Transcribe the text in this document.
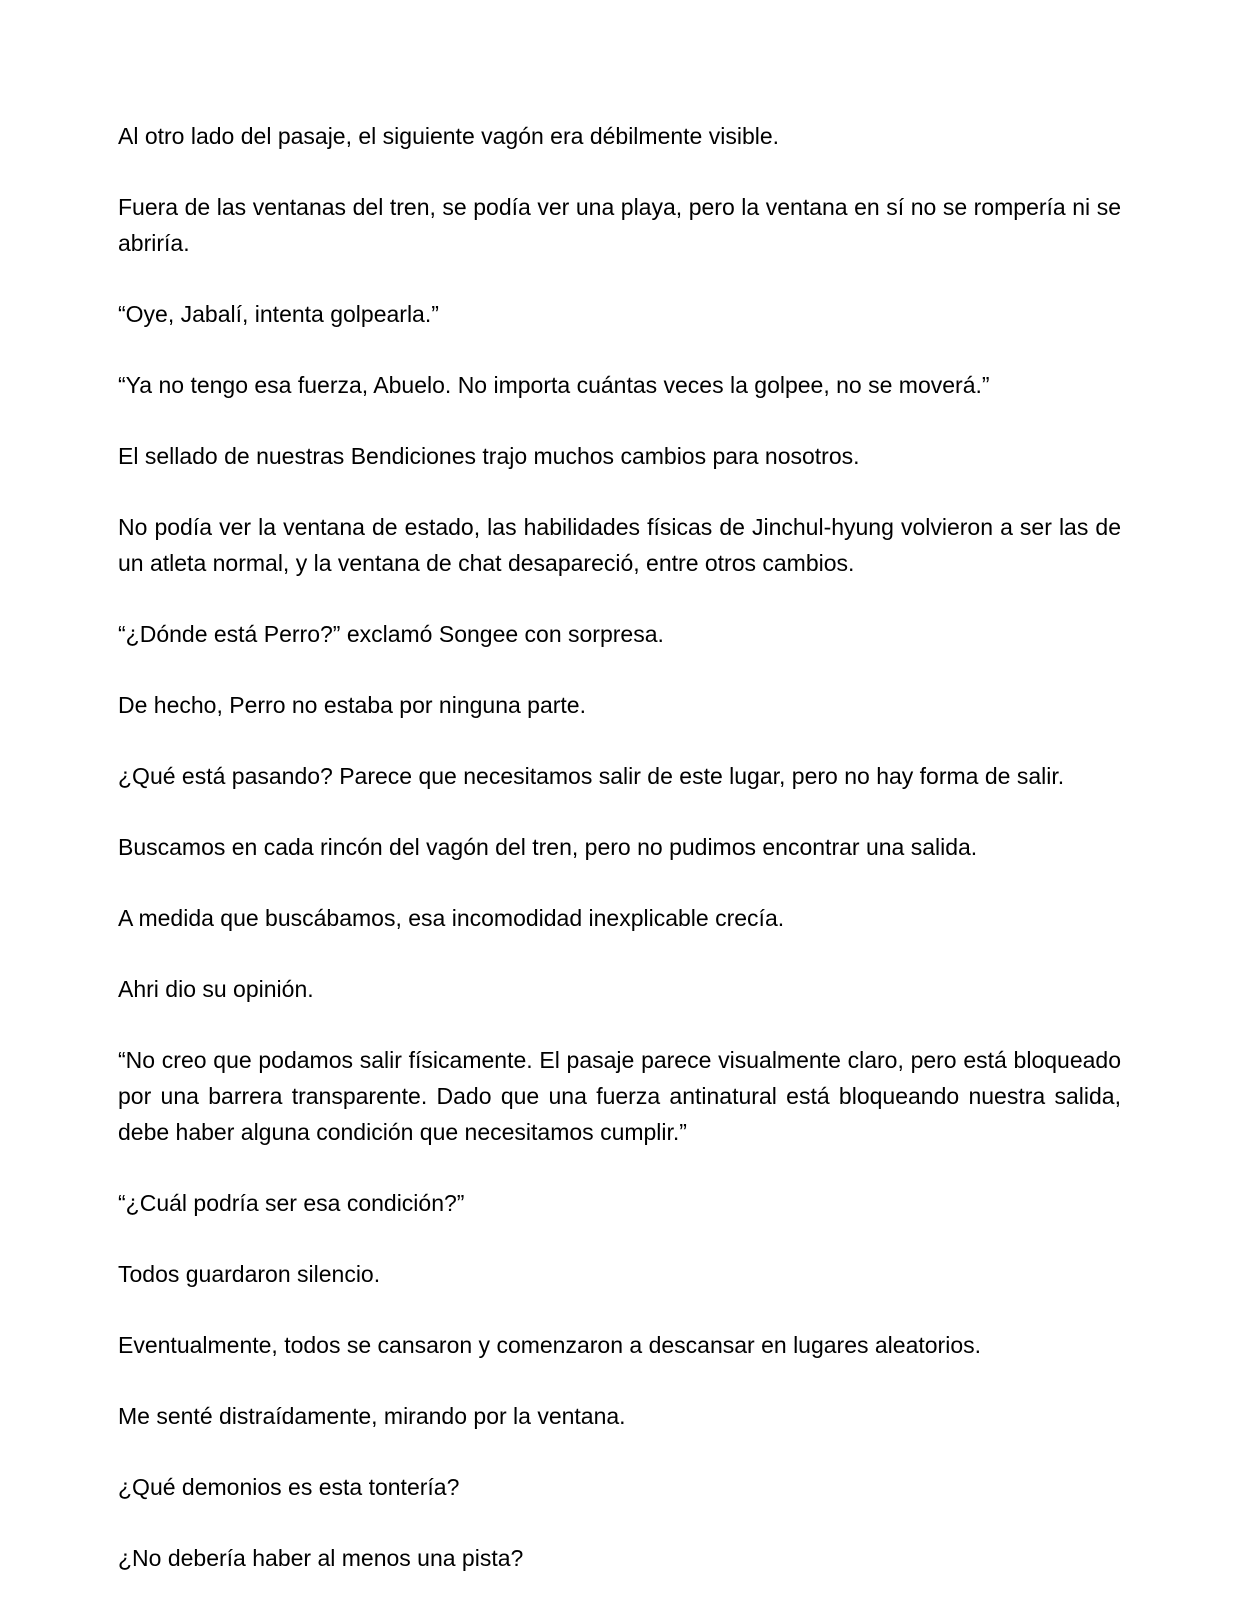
Al otro lado del pasaje, el siguiente vagón era débilmente visible.

Fuera de las ventanas del tren, se podía ver una playa, pero la ventana en sí no se rompería ni se abriría.

“Oye, Jabalí, intenta golpearla.”

“Ya no tengo esa fuerza, Abuelo. No importa cuántas veces la golpee, no se moverá.”

El sellado de nuestras Bendiciones trajo muchos cambios para nosotros.

No podía ver la ventana de estado, las habilidades físicas de Jinchul-hyung volvieron a ser las de un atleta normal, y la ventana de chat desapareció, entre otros cambios.

“¿Dónde está Perro?” exclamó Songee con sorpresa.

De hecho, Perro no estaba por ninguna parte.

¿Qué está pasando? Parece que necesitamos salir de este lugar, pero no hay forma de salir.

Buscamos en cada rincón del vagón del tren, pero no pudimos encontrar una salida.

A medida que buscábamos, esa incomodidad inexplicable crecía.

Ahri dio su opinión.

“No creo que podamos salir físicamente. El pasaje parece visualmente claro, pero está bloqueado por una barrera transparente. Dado que una fuerza antinatural está bloqueando nuestra salida, debe haber alguna condición que necesitamos cumplir.”

“¿Cuál podría ser esa condición?”

Todos guardaron silencio.

Eventualmente, todos se cansaron y comenzaron a descansar en lugares aleatorios.

Me senté distraídamente, mirando por la ventana.

¿Qué demonios es esta tontería?

¿No debería haber al menos una pista?
